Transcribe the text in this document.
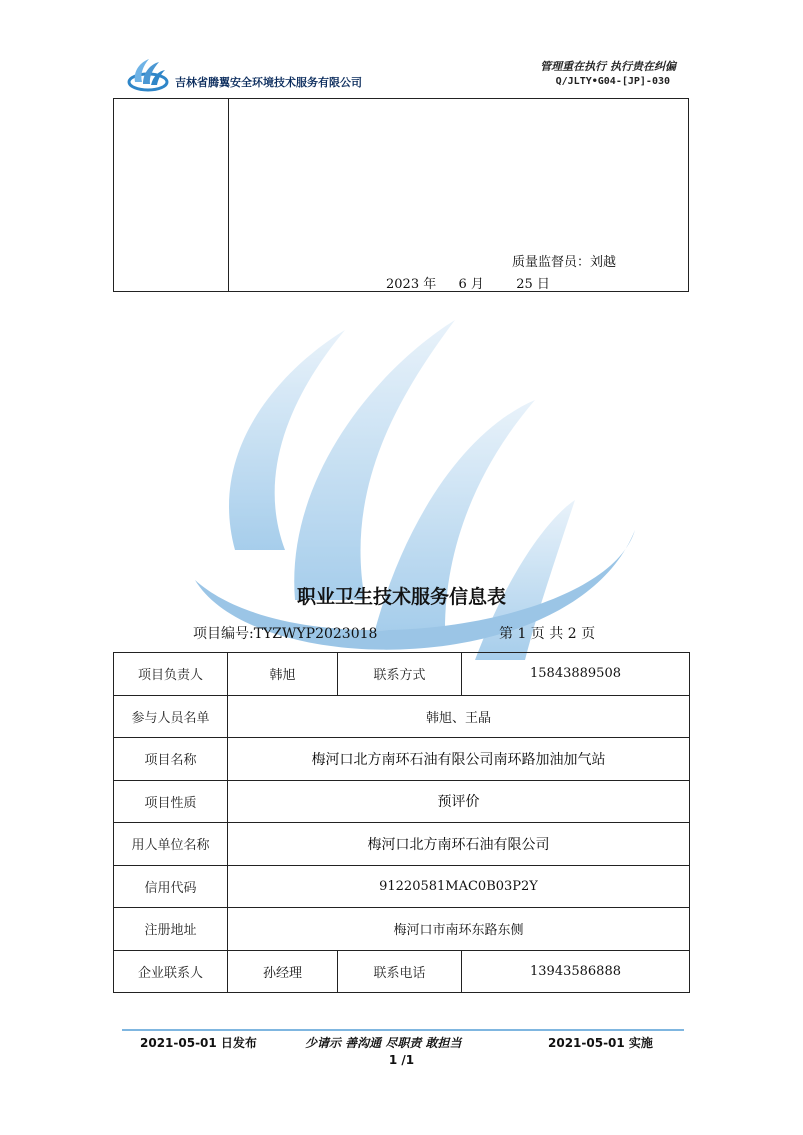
吉林省腾翼安全环境技术服务有限公司
管理重在执行 执行贵在纠偏
Q/JLTY•G04-[JP]-030
质量监督员：刘越
2023 年 6 月 25 日
职业卫生技术服务信息表
项目编号:TYZWYP2023018	第 1 页 共 2 页
项目负责人	韩旭	联系方式	15843889508
参与人员名单	韩旭、王晶		
项目名称	梅河口北方南环石油有限公司南环路加油加气站		
项目性质	预评价		
用人单位名称	梅河口北方南环石油有限公司		
信用代码	91220581MAC0B03P2Y		
注册地址	梅河口市南环东路东侧		
企业联系人	孙经理	联系电话	13943586888
2021-05-01 日发布	少请示 善沟通 尽职责 敢担当	2021-05-01 实施
1 /1
